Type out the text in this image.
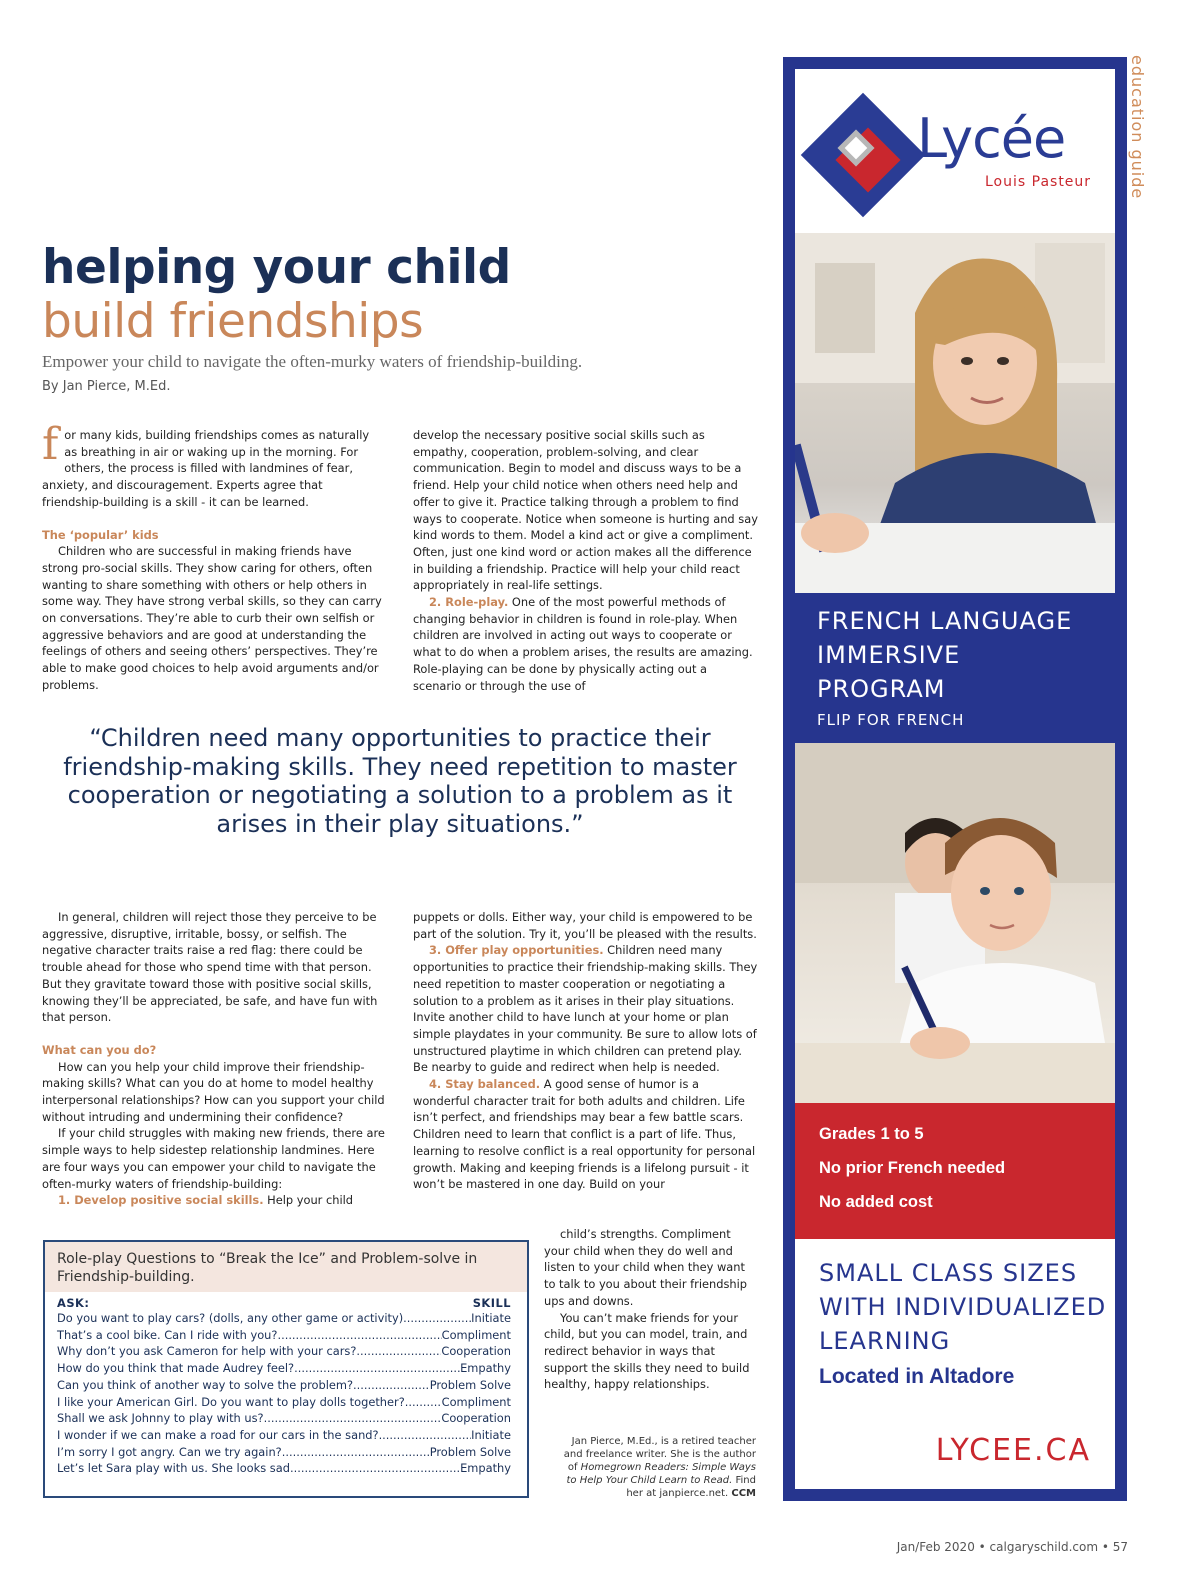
education guide
helping your child
build friendships
Empower your child to navigate the often-murky waters of friendship-building.
By Jan Pierce, M.Ed.

for many kids, building friendships comes as naturally as breathing in air or waking up in the morning. For others, the process is filled with landmines of fear, anxiety, and discouragement. Experts agree that friendship-building is a skill - it can be learned.

The ‘popular’ kids

Children who are successful in making friends have strong pro-social skills. They show caring for others, often wanting to share something with others or help others in some way. They have strong verbal skills, so they can carry on conversations. They’re able to curb their own selfish or aggressive behaviors and are good at understanding the feelings of others and seeing others’ perspectives. They’re able to make good choices to help avoid arguments and/or problems.

develop the necessary positive social skills such as empathy, cooperation, problem-solving, and clear communication. Begin to model and discuss ways to be a friend. Help your child notice when others need help and offer to give it. Practice talking through a problem to find ways to cooperate. Notice when someone is hurting and say kind words to them. Model a kind act or give a compliment. Often, just one kind word or action makes all the difference in building a friendship. Practice will help your child react appropriately in real-life settings.

2. Role-play. One of the most powerful methods of changing behavior in children is found in role-play. When children are involved in acting out ways to cooperate or what to do when a problem arises, the results are amazing. Role-playing can be done by physically acting out a scenario or through the use of

“Children need many opportunities to practice their friendship-making skills. They need repetition to master cooperation or negotiating a solution to a problem as it arises in their play situations.”

In general, children will reject those they perceive to be aggressive, disruptive, irritable, bossy, or selfish. The negative character traits raise a red flag: there could be trouble ahead for those who spend time with that person. But they gravitate toward those with positive social skills, knowing they’ll be appreciated, be safe, and have fun with that person.

What can you do?

How can you help your child improve their friendship-making skills? What can you do at home to model healthy interpersonal relationships? How can you support your child without intruding and undermining their confidence?

If your child struggles with making new friends, there are simple ways to help sidestep relationship landmines. Here are four ways you can empower your child to navigate the often-murky waters of friendship-building:

1. Develop positive social skills. Help your child

puppets or dolls. Either way, your child is empowered to be part of the solution. Try it, you’ll be pleased with the results.

3. Offer play opportunities. Children need many opportunities to practice their friendship-making skills. They need repetition to master cooperation or negotiating a solution to a problem as it arises in their play situations. Invite another child to have lunch at your home or plan simple playdates in your community. Be sure to allow lots of unstructured playtime in which children can pretend play. Be nearby to guide and redirect when help is needed.

4. Stay balanced. A good sense of humor is a wonderful character trait for both adults and children. Life isn’t perfect, and friendships may bear a few battle scars. Children need to learn that conflict is a part of life. Thus, learning to resolve conflict is a real opportunity for personal growth. Making and keeping friends is a lifelong pursuit - it won’t be mastered in one day. Build on your

child’s strengths. Compliment your child when they do well and listen to your child when they want to talk to you about their friendship ups and downs.

You can’t make friends for your child, but you can model, train, and redirect behavior in ways that support the skills they need to build healthy, happy relationships.

Role-play Questions to “Break the Ice” and Problem-solve in Friendship-building.
ASK:	SKILL
Do you want to play cars? (dolls, any other game or activity) .....	Initiate
That’s a cool bike. Can I ride with you? .....	Compliment
Why don’t you ask Cameron for help with your cars? .....	Cooperation
How do you think that made Audrey feel? .....	Empathy
Can you think of another way to solve the problem? .....	Problem Solve
I like your American Girl. Do you want to play dolls together? .....	Compliment
Shall we ask Johnny to play with us? .....	Cooperation
I wonder if we can make a road for our cars in the sand? .....	Initiate
I’m sorry I got angry. Can we try again? .....	Problem Solve
Let’s let Sara play with us. She looks sad. .....	Empathy
Jan Pierce, M.Ed., is a retired teacher and freelance writer. She is the author of Homegrown Readers: Simple Ways to Help Your Child Learn to Read. Find her at janpierce.net. CCM
Jan/Feb 2020 • calgaryschild.com • 57
Lycée
Louis Pasteur
FRENCH LANGUAGE
IMMERSIVE
PROGRAM
FLIP FOR FRENCH
Grades 1 to 5
No prior French needed
No added cost
SMALL CLASS SIZES
WITH INDIVIDUALIZED
LEARNING
Located in Altadore
LYCEE.CA
